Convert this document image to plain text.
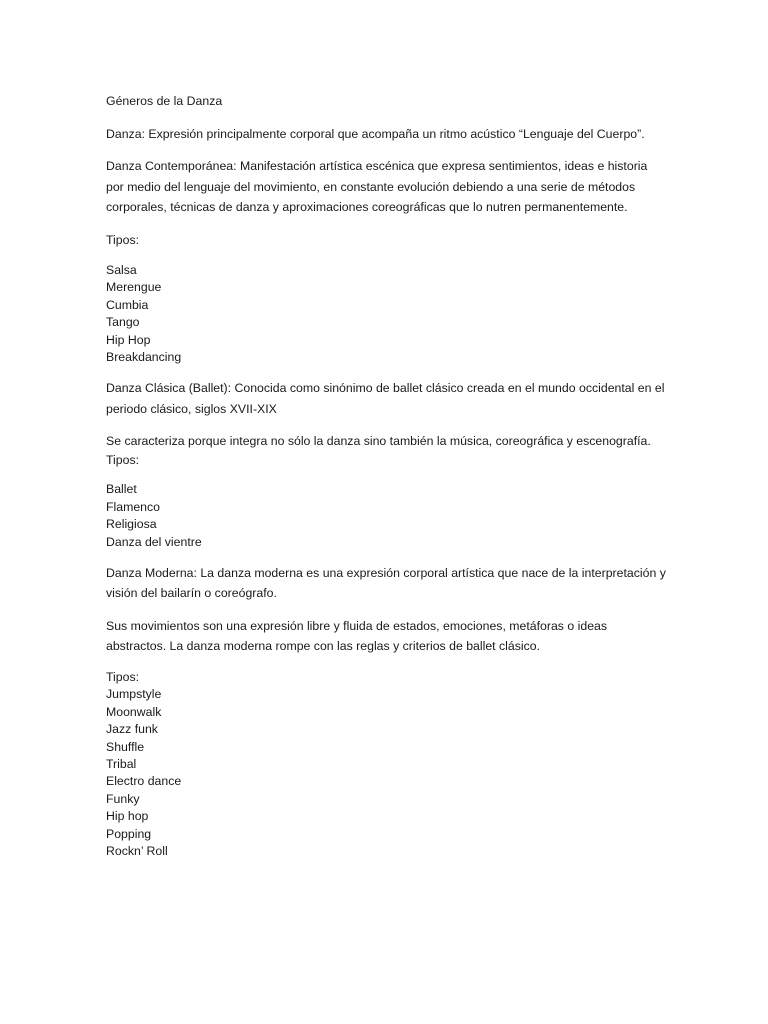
Géneros de la Danza

Danza: Expresión principalmente corporal que acompaña un ritmo acústico “Lenguaje del Cuerpo”.

Danza Contemporánea: Manifestación artística escénica que expresa sentimientos, ideas e historia por medio del lenguaje del movimiento, en constante evolución debiendo a una serie de métodos corporales, técnicas de danza y aproximaciones coreográficas que lo nutren permanentemente.

Tipos:

Salsa
Merengue
Cumbia
Tango
Hip Hop
Breakdancing

Danza Clásica (Ballet): Conocida como sinónimo de ballet clásico creada en el mundo occidental en el periodo clásico, siglos XVII-XIX

Se caracteriza porque integra no sólo la danza sino también la música, coreográfica y escenografía.

Tipos:

Ballet
Flamenco
Religiosa
Danza del vientre

Danza Moderna: La danza moderna es una expresión corporal artística que nace de la interpretación y visión del bailarín o coreógrafo.

Sus movimientos son una expresión libre y fluida de estados, emociones, metáforas o ideas abstractos. La danza moderna rompe con las reglas y criterios de ballet clásico.

Tipos:

Jumpstyle
Moonwalk
Jazz funk
Shuffle
Tribal
Electro dance
Funky
Hip hop
Popping
Rockn’ Roll
